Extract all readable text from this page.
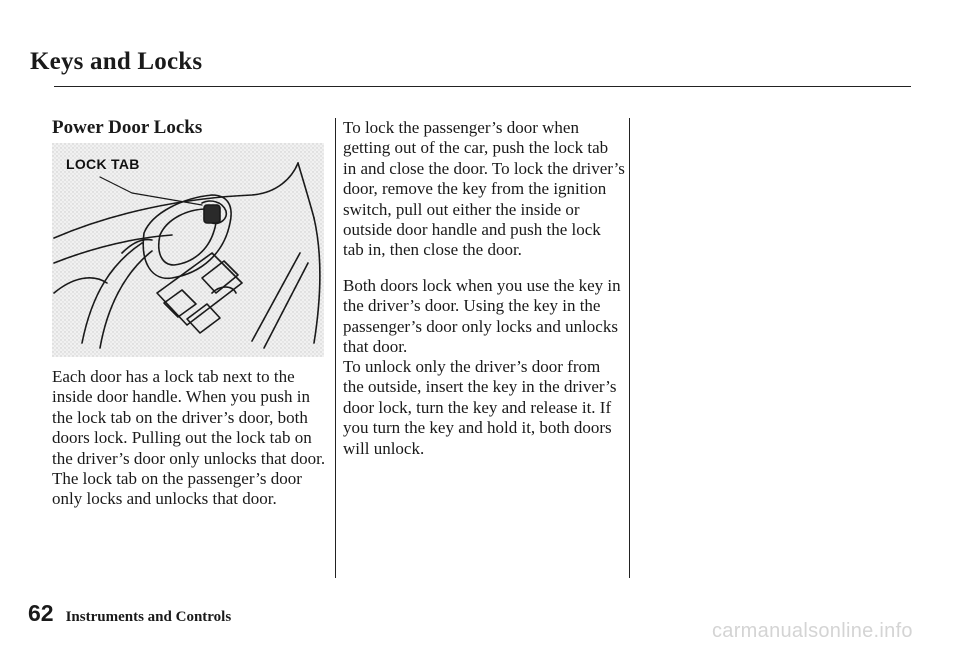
Keys and Locks
Power Door Locks
LOCK TAB

Each door has a lock tab next to the inside door handle. When you push in the lock tab on the driver’s door, both doors lock. Pulling out the lock tab on the driver’s door only unlocks that door. The lock tab on the passenger’s door only locks and unlocks that door.

To lock the passenger’s door when getting out of the car, push the lock tab in and close the door. To lock the driver’s door, remove the key from the ignition switch, pull out either the inside or outside door handle and push the lock tab in, then close the door.

Both doors lock when you use the key in the driver’s door. Using the key in the passenger’s door only locks and unlocks that door.

To unlock only the driver’s door from the outside, insert the key in the driver’s door lock, turn the key and release it. If you turn the key and hold it, both doors will unlock.

62 Instruments and Controls
carmanualsonline.info
